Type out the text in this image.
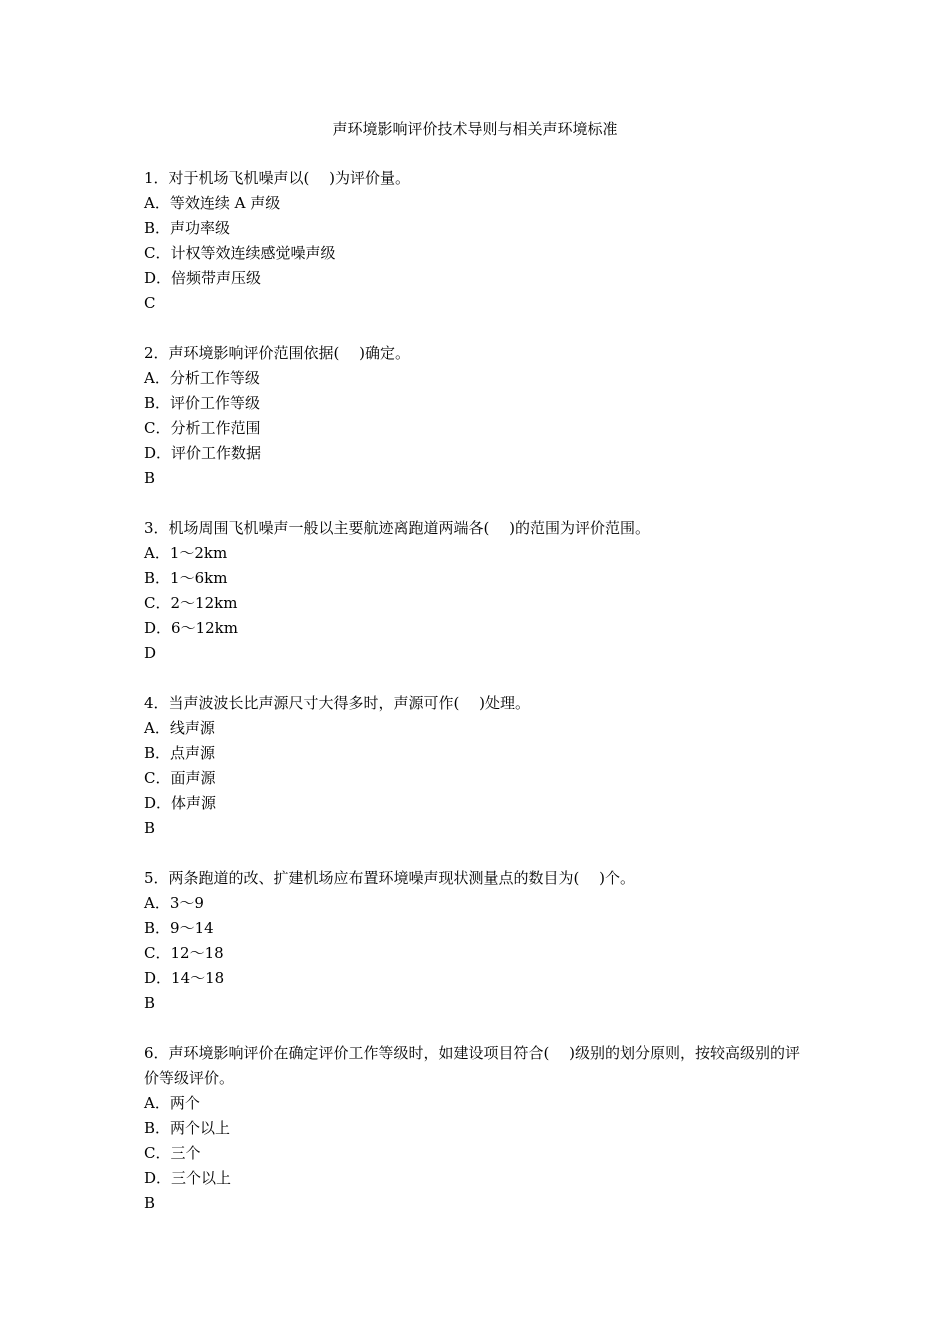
声环境影响评价技术导则与相关声环境标准

1．对于机场飞机噪声以(　 )为评价量。

A．等效连续 A 声级

B．声功率级

C．计权等效连续感觉噪声级

D．倍频带声压级

C

2．声环境影响评价范围依据(　 )确定。

A．分析工作等级

B．评价工作等级

C．分析工作范围

D．评价工作数据

B

3．机场周围飞机噪声一般以主要航迹离跑道两端各(　 )的范围为评价范围。

A．1～2km

B．1～6km

C．2～12km

D．6～12km

D

4．当声波波长比声源尺寸大得多时，声源可作(　 )处理。

A．线声源

B．点声源

C．面声源

D．体声源

B

5．两条跑道的改、扩建机场应布置环境噪声现状测量点的数目为(　 )个。

A．3～9

B．9～14

C．12～18

D．14～18

B

6．声环境影响评价在确定评价工作等级时，如建设项目符合(　 )级别的划分原则，按较高级别的评价等级评价。

A．两个

B．两个以上

C．三个

D．三个以上

B
